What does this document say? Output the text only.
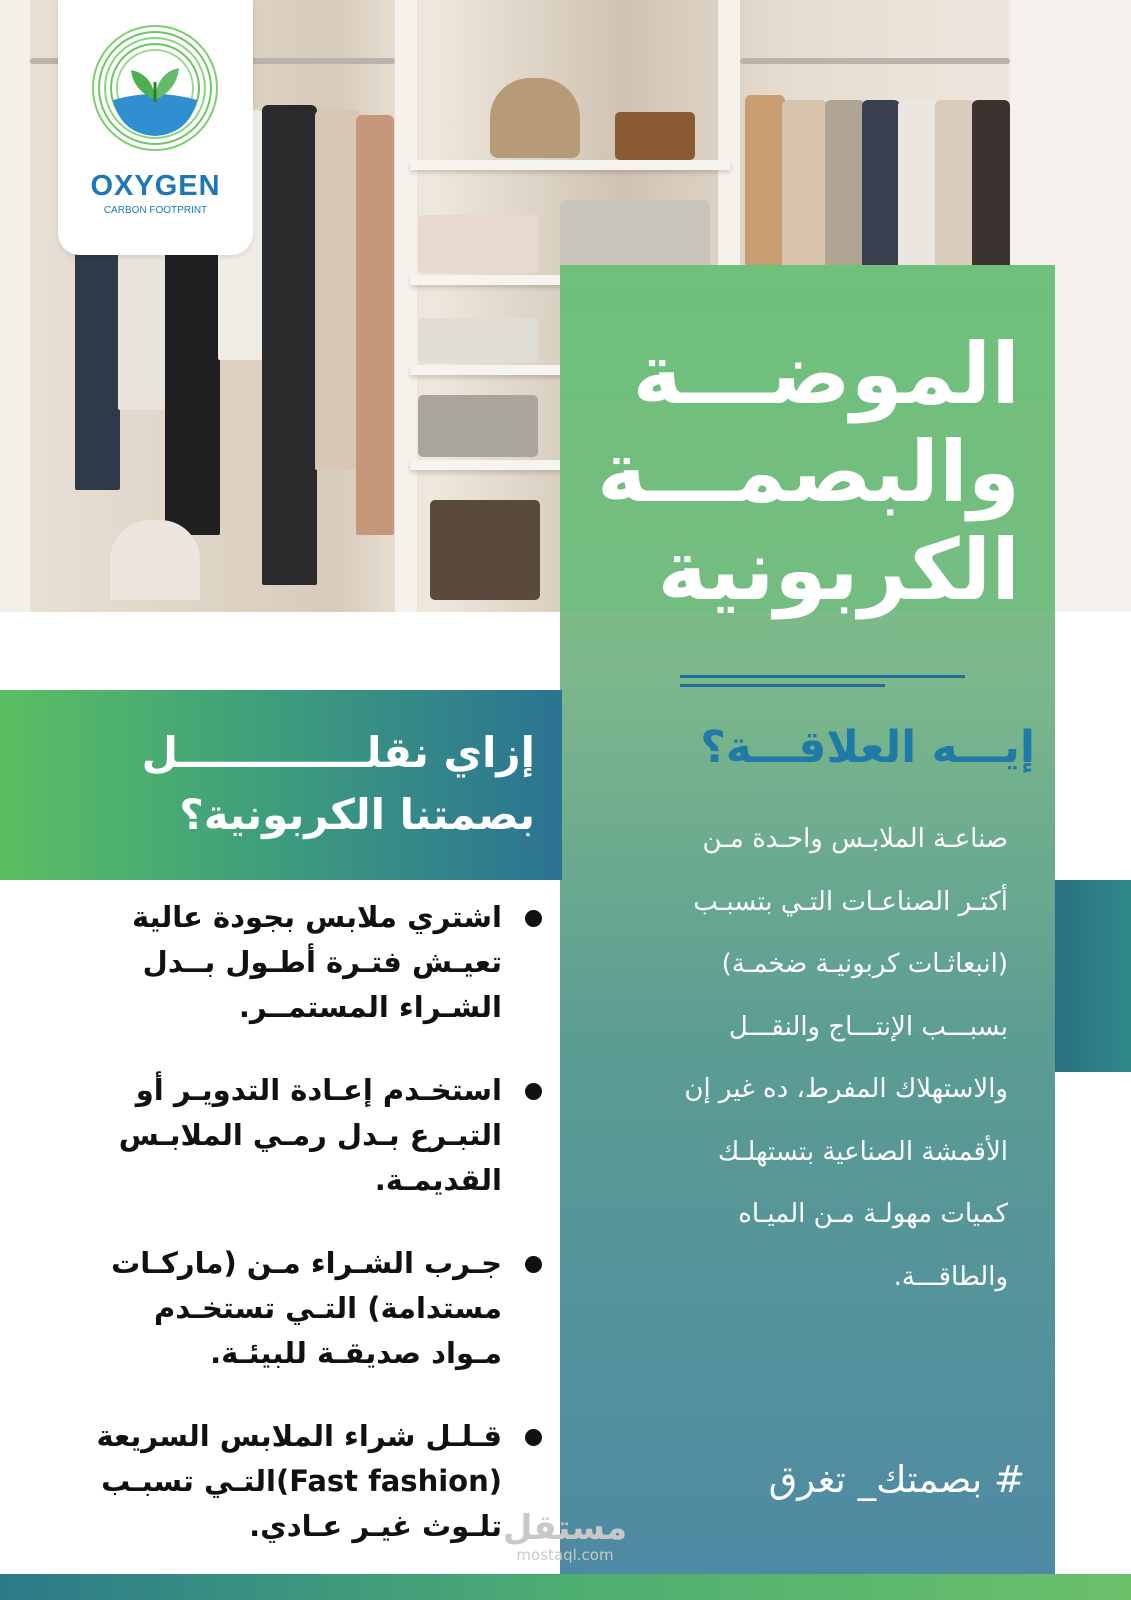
OXYGEN
CARBON FOOTPRINT
الموضـــة
والبصمـــة
الكربونية
إيـــه العلاقـــة؟
صناعـة الملابـس واحـدة مـن
أكتـر الصناعـات التـي بتسبـب
(انبعاثـات كربونيـة ضخمـة)
بسبـــب الإنتـــاج والنقـــل
والاستهلاك المفرط، ده غير إن
الأقمشة الصناعية بتستهلـك
كميات مهولـة مـن الميـاه
والطاقـــة.
# بصمتك_ تغرق
إزاي نقلـــــــــــــل
بصمتنا الكربونية؟
اشتري ملابس بجودة عالية
تعيـش فتـرة أطـول بــدل
الشـراء المستمــر.
استخـدم إعـادة التدويـر أو
التبـرع بـدل رمـي الملابـس
القديمـة.
جـرب الشـراء مـن (ماركـات
مستدامة) التـي تستخـدم
مـواد صديقـة للبيئـة.
قـلـل شراء الملابس السريعة
(Fast fashion)التـي تسبـب
تلـوث غيـر عـادي. مستقل
mostaql.com
